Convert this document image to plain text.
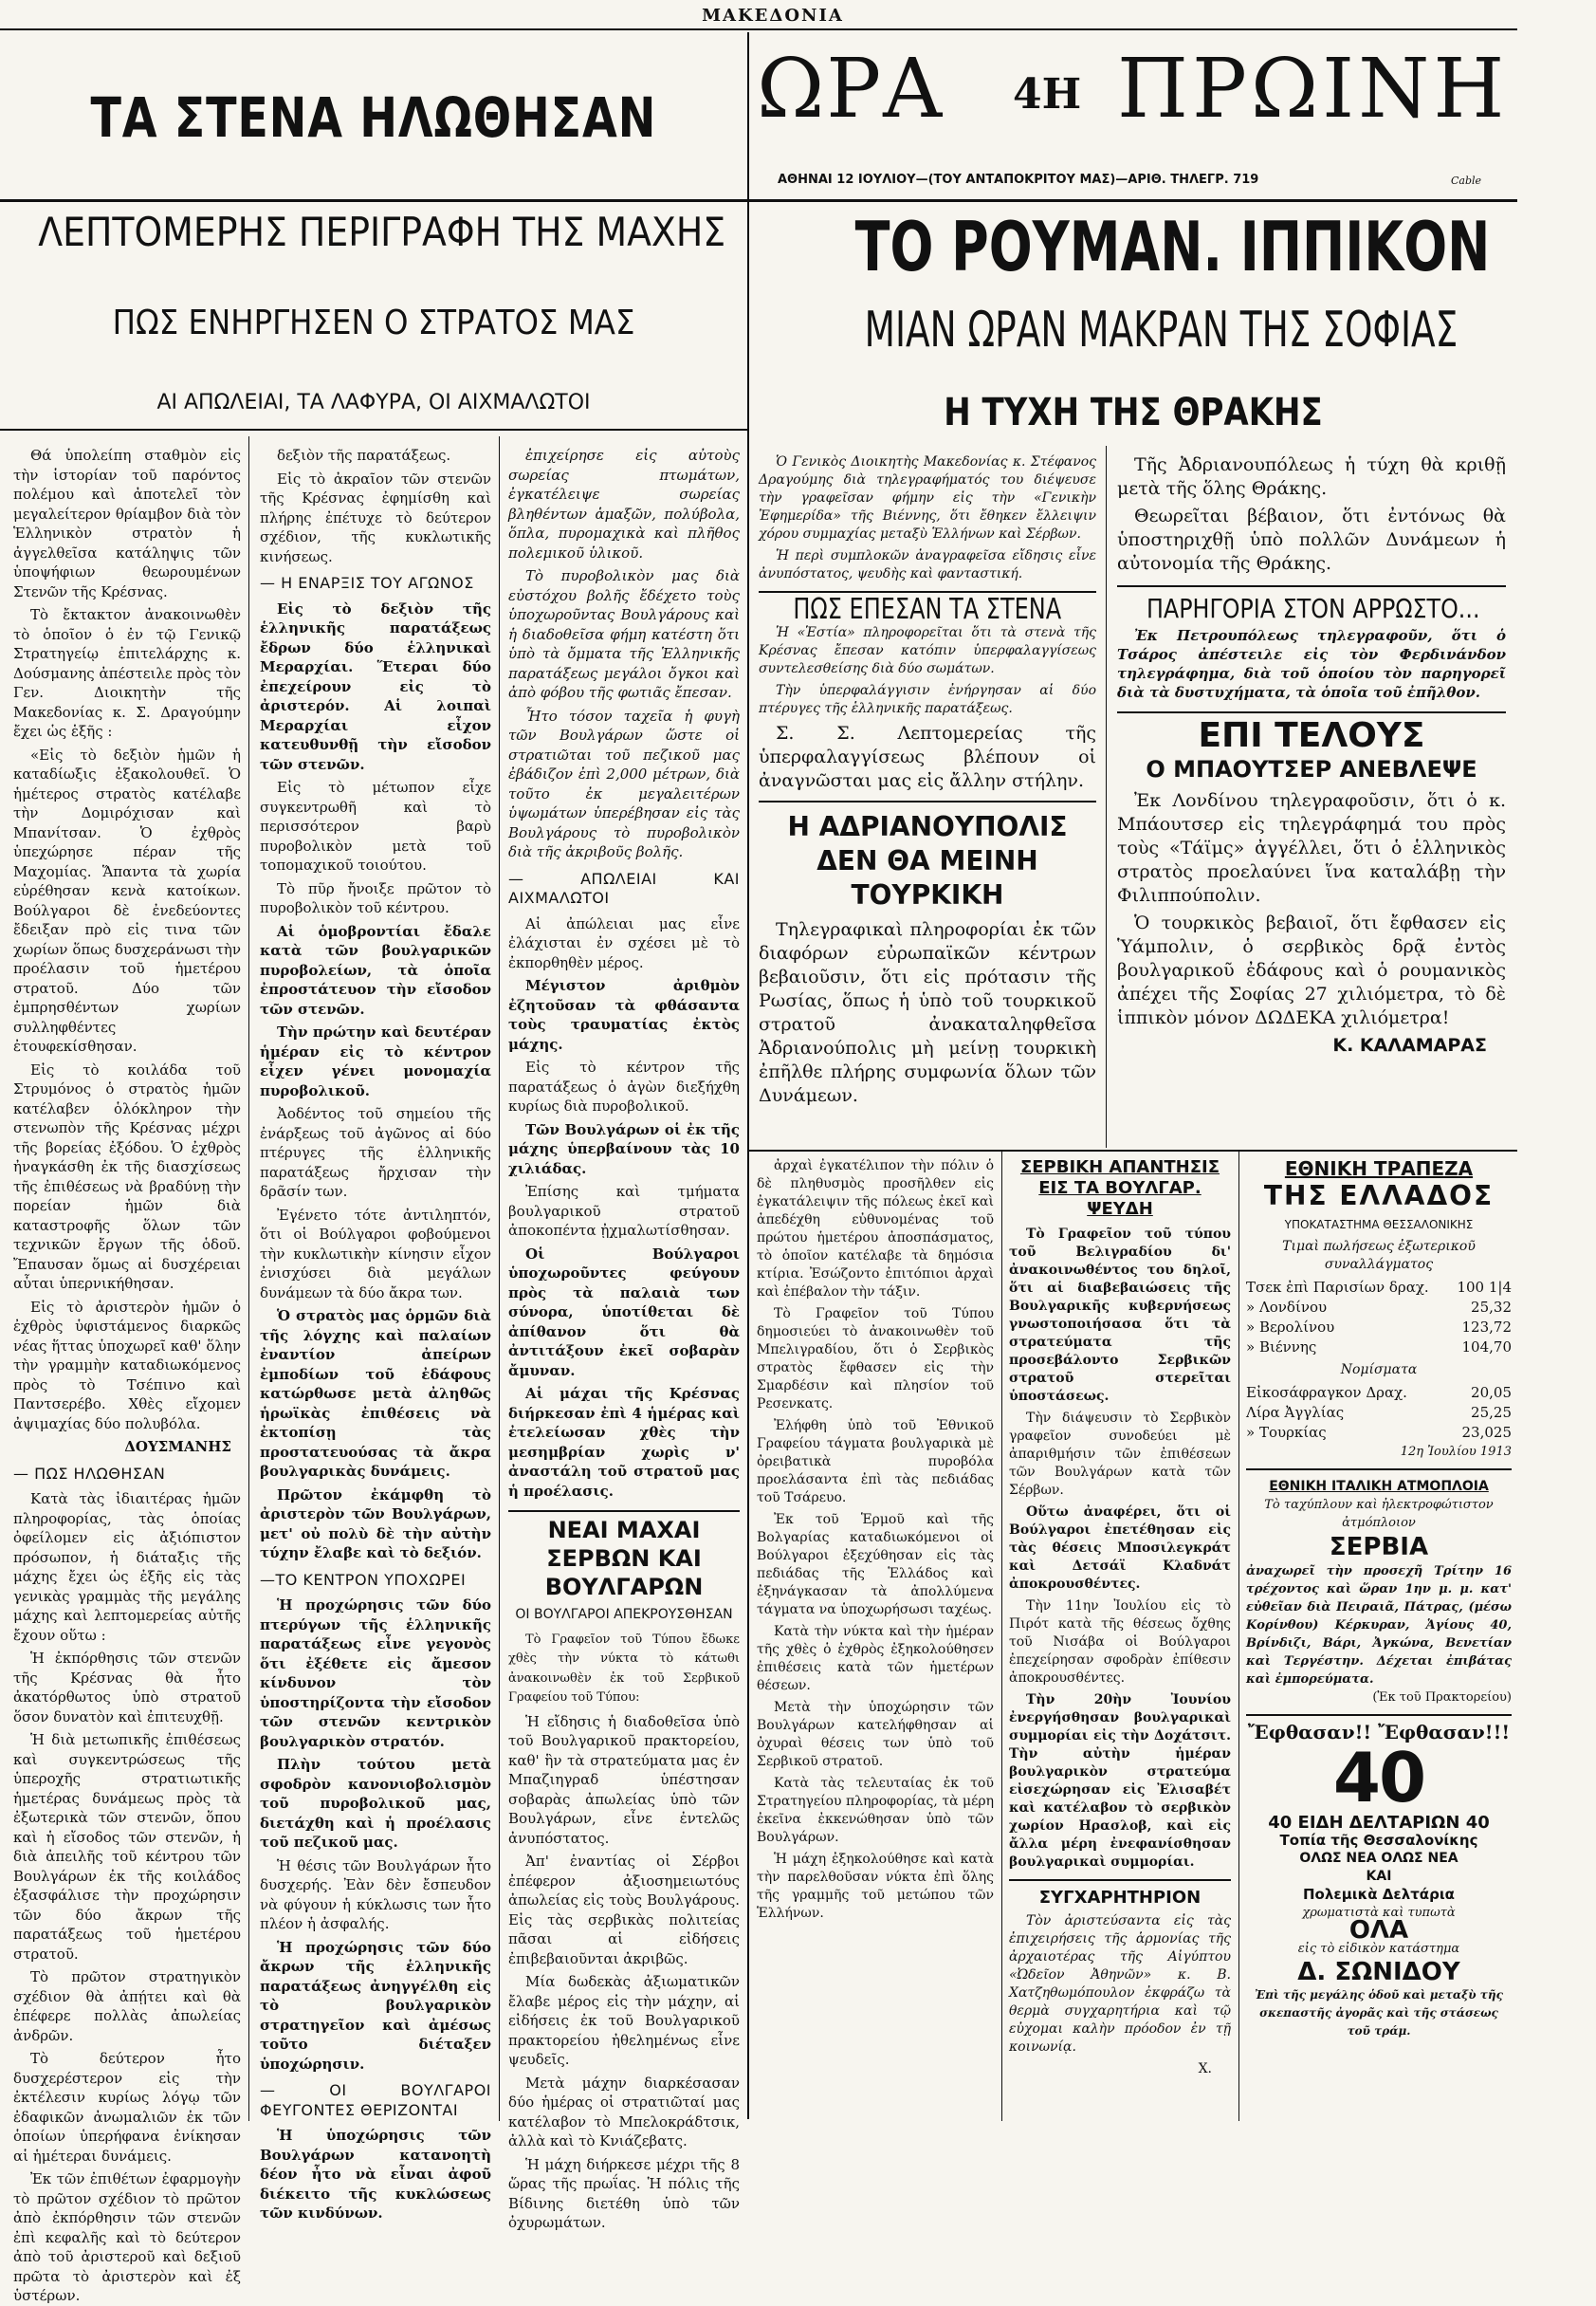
ΜΑΚΕΔΟΝΙΑ
ΤΑ ΣΤΕΝΑ ΗΛΩΘΗΣΑΝ
ΛΕΠΤΟΜΕΡΗΣ ΠΕΡΙΓΡΑΦΗ ΤΗΣ ΜΑΧΗΣ
ΠΩΣ ΕΝΗΡΓΗΣΕΝ Ο ΣΤΡΑΤΟΣ ΜΑΣ
ΑΙ ΑΠΩΛΕΙΑΙ, ΤΑ ΛΑΦΥΡΑ, ΟΙ ΑΙΧΜΑΛΩΤΟΙ

Θά ὑπολείπη σταθμὸν εἰς τὴν ἱστορίαν τοῦ παρόντος πολέμου καὶ ἀποτελεῖ τὸν μεγαλείτερον θρίαμβον διὰ τὸν Ἑλληνικὸν στρατὸν ἡ ἀγγελθεῖσα κατάληψις τῶν ὑποψήφιων θεωρουμένων Στενῶν τῆς Κρέσνας.

Τὸ ἔκτακτον ἀνακοινωθὲν τὸ ὁποῖον ὁ ἐν τῷ Γενικῷ Στρατηγείῳ ἐπιτελάρχης κ. Δούσμανης ἀπέστειλε πρὸς τὸν Γεν. Διοικητὴν τῆς Μακεδονίας κ. Σ. Δραγούμην ἔχει ὡς ἑξῆς :

«Εἰς τὸ δεξιὸν ἡμῶν ἡ καταδίωξις ἐξακολουθεῖ. Ὁ ἡμέτερος στρατὸς κατέλαβε τὴν Δομιρόχισαν καὶ Μπανίτσαν. Ὁ ἐχθρὸς ὑπεχώρησε πέραν τῆς Μαχομίας. Ἅπαντα τὰ χωρία εὑρέθησαν κενὰ κατοίκων. Βούλγαροι δὲ ἐνεδεύοντες ἔδειξαν πρὸ εἰς τινα τῶν χωρίων ὅπως δυσχεράνωσι τὴν προέλασιν τοῦ ἡμετέρου στρατοῦ. Δύο τῶν ἐμπρησθέντων χωρίων συλληφθέντες ἐτουφεκίσθησαν.

Εἰς τὸ κοιλάδα τοῦ Στρυμόνος ὁ στρατὸς ἡμῶν κατέλαβεν ὁλόκληρον τὴν στενωπὸν τῆς Κρέσνας μέχρι τῆς βορείας ἐξόδου. Ὁ ἐχθρὸς ἠναγκάσθη ἐκ τῆς διασχίσεως τῆς ἐπιθέσεως νὰ βραδύνῃ τὴν πορείαν ἡμῶν διὰ καταστροφῆς ὅλων τῶν τεχνικῶν ἔργων τῆς ὁδοῦ. Ἔπαυσαν ὅμως αἱ δυσχέρειαι αὗται ὑπερνικήθησαν.

Εἰς τὸ ἀριστερὸν ἡμῶν ὁ ἐχθρὸς ὑφιστάμενος διαρκῶς νέας ἥττας ὑποχωρεῖ καθ' ὅλην τὴν γραμμὴν καταδιωκόμενος πρὸς τὸ Τσέπινο καὶ Παντσερέβο. Χθὲς εἴχομεν ἀψιμαχίας δύο πολυβόλα.

ΔΟΥΣΜΑΝΗΣ
— ΠΩΣ ΗΛΩΘΗΣΑΝ

Κατὰ τὰς ἰδιαιτέρας ἡμῶν πληροφορίας, τὰς ὁποίας ὀφείλομεν εἰς ἀξιόπιστον πρόσωπον, ἡ διάταξις τῆς μάχης ἔχει ὡς ἑξῆς εἰς τὰς γενικὰς γραμμὰς τῆς μεγάλης μάχης καὶ λεπτομερείας αὐτῆς ἔχουν οὕτω :

Ἡ ἐκπόρθησις τῶν στενῶν τῆς Κρέσνας θὰ ἦτο ἀκατόρθωτος ὑπὸ στρατοῦ ὅσον δυνατὸν καὶ ἐπιτευχθῇ.

Ἡ διὰ μετωπικῆς ἐπιθέσεως καὶ συγκεντρώσεως τῆς ὑπεροχῆς στρατιωτικῆς ἡμετέρας δυνάμεως πρὸς τὰ ἐξωτερικὰ τῶν στενῶν, ὅπου καὶ ἡ εἴσοδος τῶν στενῶν, ἡ διὰ ἀπειλῆς τοῦ κέντρου τῶν Βουλγάρων ἐκ τῆς κοιλάδος ἐξασφάλισε τὴν προχώρησιν τῶν δύο ἄκρων τῆς παρατάξεως τοῦ ἡμετέρου στρατοῦ.

Τὸ πρῶτον στρατηγικὸν σχέδιον θὰ ἀπῄτει καὶ θὰ ἐπέφερε πολλὰς ἀπωλείας ἀνδρῶν.

Τὸ δεύτερον ἦτο δυσχερέστερον εἰς τὴν ἐκτέλεσιν κυρίως λόγῳ τῶν ἐδαφικῶν ἀνωμαλιῶν ἐκ τῶν ὁποίων ὑπερήφανα ἐνίκησαν αἱ ἡμέτεραι δυνάμεις.

Ἐκ τῶν ἐπιθέτων ἐφαρμογὴν τὸ πρῶτον σχέδιον τὸ πρῶτον ἀπὸ ἐκπόρθησιν τῶν στενῶν ἐπὶ κεφαλῆς καὶ τὸ δεύτερον ἀπὸ τοῦ ἀριστεροῦ καὶ δεξιοῦ πρῶτα τὸ ἀριστερὸν καὶ ἐξ ὑστέρων.

δεξιὸν τῆς παρατάξεως.

Εἰς τὸ ἀκραῖον τῶν στενῶν τῆς Κρέσνας ἐφημίσθη καὶ πλήρης ἐπέτυχε τὸ δεύτερον σχέδιον, τῆς κυκλωτικῆς κινήσεως.

— Η ΕΝΑΡΞΙΣ ΤΟΥ ΑΓΩΝΟΣ

Εἰς τὸ δεξιὸν τῆς ἑλληνικῆς παρατάξεως ἔδρων δύο ἑλληνικαὶ Μεραρχίαι. Ἕτεραι δύο ἐπεχείρουν εἰς τὸ ἀριστερόν. Αἱ λοιπαὶ Μεραρχίαι εἶχον κατευθυνθῇ τὴν εἴσοδον τῶν στενῶν.

Εἰς τὸ μέτωπον εἶχε συγκεντρωθῆ καὶ τὸ περισσότερον βαρὺ πυροβολικὸν μετὰ τοῦ τοπομαχικοῦ τοιούτου.

Τὸ πῦρ ἤνοιξε πρῶτον τὸ πυροβολικὸν τοῦ κέντρου.

Αἱ ὁμοβροντίαι ἔδαλε κατὰ τῶν βουλγαρικῶν πυροβολείων, τὰ ὁποῖα ἐπροστάτευον τὴν εἴσοδον τῶν στενῶν.

Τὴν πρώτην καὶ δευτέραν ἡμέραν εἰς τὸ κέντρον εἶχεν γένει μονομαχία πυροβολικοῦ.

Ἀοδέντος τοῦ σημείου τῆς ἐνάρξεως τοῦ ἀγῶνος αἱ δύο πτέρυγες τῆς ἑλληνικῆς παρατάξεως ἤρχισαν τὴν δρᾶσίν των.

Ἐγένετο τότε ἀντιληπτόν, ὅτι οἱ Βούλγαροι φοβούμενοι τὴν κυκλωτικὴν κίνησιν εἶχον ἐνισχύσει διὰ μεγάλων δυνάμεων τὰ δύο ἄκρα των.

Ὁ στρατὸς μας ὁρμῶν διὰ τῆς λόγχης καὶ παλαίων ἐναντίον ἀπείρων ἐμποδίων τοῦ ἐδάφους κατώρθωσε μετὰ ἀληθῶς ἡρωϊκὰς ἐπιθέσεις νὰ ἐκτοπίσῃ τὰς προστατευούσας τὰ ἄκρα βουλγαρικὰς δυνάμεις.

Πρῶτον ἐκάμφθη τὸ ἀριστερὸν τῶν Βουλγάρων, μετ' οὐ πολὺ δὲ τὴν αὐτὴν τύχην ἔλαβε καὶ τὸ δεξιόν.

—ΤΟ ΚΕΝΤΡΟΝ ΥΠΟΧΩΡΕΙ

Ἡ προχώρησις τῶν δύο πτερύγων τῆς ἑλληνικῆς παρατάξεως εἶνε γεγονὸς ὅτι ἐξέθετε εἰς ἄμεσον κίνδυνον τὸν ὑποστηρίζοντα τὴν εἴσοδον τῶν στενῶν κεντρικὸν βουλγαρικὸν στρατόν.

Πλὴν τούτου μετὰ σφοδρὸν κανονιοβολισμὸν τοῦ πυροβολικοῦ μας, διετάχθη καὶ ἡ προέλασις τοῦ πεζικοῦ μας.

Ἡ θέσις τῶν Βουλγάρων ἦτο δυσχερής. Ἐὰν δὲν ἔσπευδον νὰ φύγουν ἡ κύκλωσις των ἦτο πλέον ἡ ἀσφαλής.

Ἡ προχώρησις τῶν δύο ἄκρων τῆς ἑλληνικῆς παρατάξεως ἀνηγγέλθη εἰς τὸ βουλγαρικὸν στρατηγεῖον καὶ ἀμέσως τοῦτο διέταξεν ὑποχώρησιν.

— ΟΙ ΒΟΥΛΓΑΡΟΙ ΦΕΥΓΟΝΤΕΣ ΘΕΡΙΖΟΝΤΑΙ

Ἡ ὑποχώρησις τῶν Βουλγάρων κατανοητὴ δέον ἦτο νὰ εἶναι ἀφοῦ διέκειτο τῆς κυκλώσεως τῶν κινδύνων.

ἐπιχείρησε εἰς αὐτοὺς σωρείας πτωμάτων, ἐγκατέλειψε σωρείας βληθέντων ἁμαξῶν, πολύβολα, ὅπλα, πυρομαχικὰ καὶ πλῆθος πολεμικοῦ ὑλικοῦ.

Τὸ πυροβολικὸν μας διὰ εὐστόχου βολῆς ἔδέχετο τοὺς ὑποχωροῦντας Βουλγάρους καὶ ἡ διαδοθεῖσα φήμη κατέστη ὅτι ὑπὸ τὰ ὄμματα τῆς Ἑλληνικῆς παρατάξεως μεγάλοι ὄγκοι καὶ ἀπὸ φόβου τῆς φωτιᾶς ἔπεσαν.

Ἦτο τόσον ταχεῖα ἡ φυγὴ τῶν Βουλγάρων ὥστε οἱ στρατιῶται τοῦ πεζικοῦ μας ἐβάδιζον ἐπὶ 2,000 μέτρων, διὰ τοῦτο ἐκ μεγαλειτέρων ὑψωμάτων ὑπερέβησαν εἰς τὰς Βουλγάρους τὸ πυροβολικὸν διὰ τῆς ἀκριβοῦς βολῆς.

— ΑΠΩΛΕΙΑΙ ΚΑΙ ΑΙΧΜΑΛΩΤΟΙ

Αἱ ἀπώλειαι μας εἶνε ἐλάχισται ἐν σχέσει μὲ τὸ ἐκπορθηθὲν μέρος.

Μέγιστον ἀριθμὸν ἐζητοῦσαν τὰ φθάσαντα τοὺς τραυματίας ἐκτὸς μάχης.

Εἰς τὸ κέντρον τῆς παρατάξεως ὁ ἀγὼν διεξήχθη κυρίως διὰ πυροβολικοῦ.

Τῶν Βουλγάρων οἱ ἐκ τῆς μάχης ὑπερβαίνουν τὰς 10 χιλιάδας.

Ἐπίσης καὶ τμήματα βουλγαρικοῦ στρατοῦ ἀποκοπέντα ᾐχμαλωτίσθησαν.

Οἱ Βούλγαροι ὑποχωροῦντες φεύγουν πρὸς τὰ παλαιὰ των σύνορα, ὑποτίθεται δὲ ἀπίθανον ὅτι θὰ ἀντιτάξουν ἐκεῖ σοβαρὰν ἄμυναν.

Αἱ μάχαι τῆς Κρέσνας διήρκεσαν ἐπὶ 4 ἡμέρας καὶ ἐτελείωσαν χθὲς τὴν μεσημβρίαν χωρὶς ν' ἀναστάλη τοῦ στρατοῦ μας ἡ προέλασις.

ΝΕΑΙ ΜΑΧΑΙ ΣΕΡΒΩΝ ΚΑΙ ΒΟΥΛΓΑΡΩΝ
ΟΙ ΒΟΥΛΓΑΡΟΙ ΑΠΕΚΡΟΥΣΘΗΣΑΝ

Τὸ Γραφεῖον τοῦ Τύπου ἔδωκε χθὲς τὴν νύκτα τὸ κάτωθι ἀνακοινωθὲν ἐκ τοῦ Σερβικοῦ Γραφείου τοῦ Τύπου:

Ἡ εἴδησις ἡ διαδοθεῖσα ὑπὸ τοῦ Βουλγαρικοῦ πρακτορείου, καθ' ἣν τὰ στρατεύματα μας ἐν Μπαζιηγραδ ὑπέστησαν σοβαρὰς ἀπωλείας ὑπὸ τῶν Βουλγάρων, εἶνε ἐντελῶς ἀνυπόστατος.

Ἀπ' ἐναντίας οἱ Σέρβοι ἐπέφερον ἀξιοσημειωτόυς ἀπωλείας εἰς τοὺς Βουλγάρους. Εἰς τὰς σερβικὰς πολιτείας πᾶσαι αἱ εἰδήσεις ἐπιβεβαιοῦνται ἀκριβῶς.

Μία δωδεκὰς ἀξιωματικῶν ἔλαβε μέρος εἰς τὴν μάχην, αἱ εἰδήσεις ἐκ τοῦ Βουλγαρικοῦ πρακτορείου ἠθελημένως εἶνε ψευδεῖς.

Μετὰ μάχην διαρκέσασαν δύο ἡμέρας οἱ στρατιῶταί μας κατέλαβον τὸ Μπελοκράδτσικ, ἀλλὰ καὶ τὸ Κνιάζεβατς.

Ἡ μάχη διήρκεσε μέχρι τῆς 8 ὥρας τῆς πρωΐας. Ἡ πόλις τῆς Βίδινης διετέθη ὑπὸ τῶν ὀχυρωμάτων.

ΩΡΑ 4Η ΠΡΩΙΝΗ
ΑΘΗΝΑΙ 12 ΙΟΥΛΙΟΥ—(ΤΟΥ ΑΝΤΑΠΟΚΡΙΤΟΥ ΜΑΣ)—ΑΡΙΘ. ΤΗΛΕΓΡ. 719	Cable
ΤΟ ΡΟΥΜΑΝ. ΙΠΠΙΚΟΝ
ΜΙΑΝ ΩΡΑΝ ΜΑΚΡΑΝ ΤΗΣ ΣΟΦΙΑΣ
Η ΤΥΧΗ ΤΗΣ ΘΡΑΚΗΣ

Ὁ Γενικὸς Διοικητὴς Μακεδονίας κ. Στέφανος Δραγούμης διὰ τηλεγραφήματός του διέψευσε τὴν γραφεῖσαν φήμην εἰς τὴν «Γενικὴν Ἐφημερίδα» τῆς Βιέννης, ὅτι ἔθηκεν ἔλλειψιν χόρου συμμαχίας μεταξὺ Ἑλλήνων καὶ Σέρβων.

Ἡ περὶ συμπλοκῶν ἀναγραφεῖσα εἴδησις εἶνε ἀνυπόστατος, ψευδὴς καὶ φανταστική.

ΠΩΣ ΕΠΕΣΑΝ ΤΑ ΣΤΕΝΑ

Ἡ «Ἑστία» πληροφορεῖται ὅτι τὰ στενὰ τῆς Κρέσνας ἔπεσαν κατόπιν ὑπερφαλαγγίσεως συντελεσθείσης διὰ δύο σωμάτων.

Τὴν ὑπερφαλάγγισιν ἐνήργησαν αἱ δύο πτέρυγες τῆς ἑλληνικῆς παρατάξεως.

Σ. Σ. Λεπτομερείας τῆς ὑπερφαλαγγίσεως βλέπουν οἱ ἀναγνῶσται μας εἰς ἄλλην στήλην.

Η ΑΔΡΙΑΝΟΥΠΟΛΙΣ ΔΕΝ ΘΑ ΜΕΙΝΗ ΤΟΥΡΚΙΚΗ

Τηλεγραφικαὶ πληροφορίαι ἐκ τῶν διαφόρων εὐρωπαϊκῶν κέντρων βεβαιοῦσιν, ὅτι εἰς πρότασιν τῆς Ρωσίας, ὅπως ἡ ὑπὸ τοῦ τουρκικοῦ στρατοῦ ἀνακαταληφθεῖσα Ἀδριανούπολις μὴ μείνῃ τουρκικὴ ἐπῆλθε πλήρης συμφωνία ὅλων τῶν Δυνάμεων.

Τῆς Ἀδριανουπόλεως ἡ τύχη θὰ κριθῇ μετὰ τῆς ὅλης Θράκης.

Θεωρεῖται βέβαιον, ὅτι ἐντόνως θὰ ὑποστηριχθῇ ὑπὸ πολλῶν Δυνάμεων ἡ αὐτονομία τῆς Θράκης.

ΠΑΡΗΓΟΡΙΑ ΣΤΟΝ ΑΡΡΩΣΤΟ...

Ἐκ Πετρουπόλεως τηλεγραφοῦν, ὅτι ὁ Τσάρος ἀπέστειλε εἰς τὸν Φερδινάνδον τηλεγράφημα, διὰ τοῦ ὁποίου τὸν παρηγορεῖ διὰ τὰ δυστυχήματα, τὰ ὁποῖα τοῦ ἐπῆλθον.

ΕΠΙ ΤΕΛΟΥΣ
Ο ΜΠΑΟΥΤΣΕΡ ΑΝΕΒΛΕΨΕ

Ἐκ Λονδίνου τηλεγραφοῦσιν, ὅτι ὁ κ. Μπάουτσερ εἰς τηλεγράφημά του πρὸς τοὺς «Τάϊμς» ἀγγέλλει, ὅτι ὁ ἑλληνικὸς στρατὸς προελαύνει ἵνα καταλάβῃ τὴν Φιλιππούπολιν.

Ὁ τουρκικὸς βεβαιοῖ, ὅτι ἔφθασεν εἰς Ὑάμπολιν, ὁ σερβικὸς δρᾷ ἐντὸς βουλγαρικοῦ ἐδάφους καὶ ὁ ρουμανικὸς ἀπέχει τῆς Σοφίας 27 χιλιόμετρα, τὸ δὲ ἱππικὸν μόνον ΔΩΔΕΚΑ χιλιόμετρα!

Κ. ΚΑΛΑΜΑΡΑΣ

ἀρχαὶ ἐγκατέλιπον τὴν πόλιν ὁ δὲ πληθυσμὸς προσῆλθεν εἰς ἐγκατάλειψιν τῆς πόλεως ἐκεῖ καὶ ἀπεδέχθη εὐθυνομένας τοῦ πρώτου ἡμετέρου ἀποσπάσματος, τὸ ὁποῖον κατέλαβε τὰ δημόσια κτίρια. Ἐσώζοντο ἐπιτόπιοι ἀρχαὶ καὶ ἐπέβαλον τὴν τάξιν.

Τὸ Γραφεῖον τοῦ Τύπου δημοσιεύει τὸ ἀνακοινωθὲν τοῦ Μπελιγραδίου, ὅτι ὁ Σερβικὸς στρατὸς ἔφθασεν εἰς τὴν Σμαρδέσιν καὶ πλησίον τοῦ Ρεσενκατς.

Ἐλήφθη ὑπὸ τοῦ Ἐθνικοῦ Γραφείου τάγματα βουλγαρικὰ μὲ ὀρειβατικὰ πυροβόλα προελάσαντα ἐπὶ τὰς πεδιάδας τοῦ Τσάρευο.

Ἐκ τοῦ Ἑρμοῦ καὶ τῆς Βολγαρίας καταδιωκόμενοι οἱ Βούλγαροι ἐξεχύθησαν εἰς τὰς πεδιάδας τῆς Ἑλλάδος καὶ ἐξηνάγκασαν τὰ ἀπολλύμενα τάγματα να ὑποχωρήσωσι ταχέως.

Κατὰ τὴν νύκτα καὶ τὴν ἡμέραν τῆς χθὲς ὁ ἐχθρὸς ἐξηκολούθησεν ἐπιθέσεις κατὰ τῶν ἡμετέρων θέσεων.

Μετὰ τὴν ὑποχώρησιν τῶν Βουλγάρων κατελήφθησαν αἱ ὀχυραὶ θέσεις των ὑπὸ τοῦ Σερβικοῦ στρατοῦ.

Κατὰ τὰς τελευταίας ἐκ τοῦ Στρατηγείου πληροφορίας, τὰ μέρη ἐκεῖνα ἐκκενώθησαν ὑπὸ τῶν Βουλγάρων.

Ἡ μάχη ἐξηκολούθησε καὶ κατὰ τὴν παρελθοῦσαν νύκτα ἐπὶ ὅλης τῆς γραμμῆς τοῦ μετώπου τῶν Ἑλλήνων.

ΣΕΡΒΙΚΗ ΑΠΑΝΤΗΣΙΣ ΕΙΣ ΤΑ ΒΟΥΛΓΑΡ. ΨΕΥΔΗ

Τὸ Γραφεῖον τοῦ τύπου τοῦ Βελιγραδίου δι' ἀνακοινωθέντος του δηλοῖ, ὅτι αἱ διαβεβαιώσεις τῆς Βουλγαρικῆς κυβερνήσεως γνωστοποιήσασα ὅτι τὰ στρατεύματα τῆς προσεβάλοντο Σερβικῶν στρατοῦ στερεῖται ὑποστάσεως.

Τὴν διάψευσιν τὸ Σερβικὸν γραφεῖον συνοδεύει μὲ ἀπαριθμήσιν τῶν ἐπιθέσεων τῶν Βουλγάρων κατὰ τῶν Σέρβων.

Οὕτω ἀναφέρει, ὅτι οἱ Βούλγαροι ἐπετέθησαν εἰς τὰς θέσεις Μποσιλεγκράτ καὶ Δετσάϊ Κλαδνάτ ἀποκρουσθέντες.

Τὴν 11ην Ἰουλίου εἰς τὸ Πιρότ κατὰ τῆς θέσεως ὄχθης τοῦ Νισάβα οἱ Βούλγαροι ἐπεχείρησαν σφοδρὰν ἐπίθεσιν ἀποκρουσθέντες.

Τὴν 20ὴν Ἰουνίου ἐνεργήσθησαν βουλγαρικαὶ συμμορίαι εἰς τὴν Δοχάτσιτ. Τὴν αὐτὴν ἡμέραν βουλγαρικὸν στρατεύμα εἰσεχώρησαν εἰς Ἐλισαβέτ καὶ κατέλαβον τὸ σερβικὸν χωρίον Ηρασλοβ, καὶ εἰς ἄλλα μέρη ἐνεφανίσθησαν βουλγαρικαὶ συμμορίαι.

ΣΥΓΧΑΡΗΤΗΡΙΟΝ

Τὸν ἀριστεύσαντα εἰς τὰς ἐπιχειρήσεις τῆς ἁρμονίας τῆς ἀρχαιοτέρας τῆς Αἰγύπτου «Ὠδεῖον Ἀθηνῶν» κ. Β. Χατζηθωμόπουλον ἐκφράζω τὰ θερμὰ συγχαρητήρια καὶ τῷ εὐχομαι καλὴν πρόοδον ἐν τῇ κοινωνίᾳ.

Χ.
ΕΘΝΙΚΗ ΤΡΑΠΕΖΑ
ΤΗΣ ΕΛΛΑΔΟΣ
ΥΠΟΚΑΤΑΣΤΗΜΑ ΘΕΣΣΑΛΟΝΙΚΗΣ
Τιμαὶ πωλήσεως ἐξωτερικοῦ συναλλάγματος
Τσεκ ἐπὶ Παρισίων δραχ. 100 1|4
» Λονδίνου	25,32
» Βερολίνου	123,72
» Βιέννης	104,70
Νομίσματα
Εἰκοσάφραγκον Δραχ.	20,05
Λίρα Ἀγγλίας	25,25
» Τουρκίας	23,025
12η Ἰουλίου 1913
ΕΘΝΙΚΗ ΙΤΑΛΙΚΗ ΑΤΜΟΠΛΟΙΑ
Τὸ ταχύπλουν καὶ ἠλεκτροφώτιστον ἀτμόπλοιον
ΣΕΡΒΙΑ
ἀναχωρεῖ τὴν προσεχῆ Τρίτην 16 τρέχοντος καὶ ὥραν 1ην μ. μ. κατ' εὐθεῖαν διὰ Πειραιᾶ, Πάτρας, (μέσω Κορίνθου) Κέρκυραν, Ἁγίους 40, Βρίνδιζι, Βάρι, Ἀγκώνα, Βενετίαν καὶ Τεργέστην. Δέχεται ἐπιβάτας καὶ ἐμπορεύματα.
(Ἐκ τοῦ Πρακτορείου)
Ἔφθασαν!! Ἔφθασαν!!!
40
40 ΕΙΔΗ ΔΕΛΤΑΡΙΩΝ 40
Τοπία τῆς Θεσσαλονίκης
ΟΛΩΣ ΝΕΑ ΟΛΩΣ ΝΕΑ
ΚΑΙ
Πολεμικὰ Δελτάρια
χρωματιστὰ καὶ τυπωτὰ
ΟΛΑ
εἰς τὸ εἰδικὸν κατάστημα
Δ. ΣΩΝΙΔΟΥ
Ἐπὶ τῆς μεγάλης ὁδοῦ καὶ μεταξὺ τῆς σκεπαστῆς ἀγορᾶς καὶ τῆς στάσεως τοῦ τράμ.
